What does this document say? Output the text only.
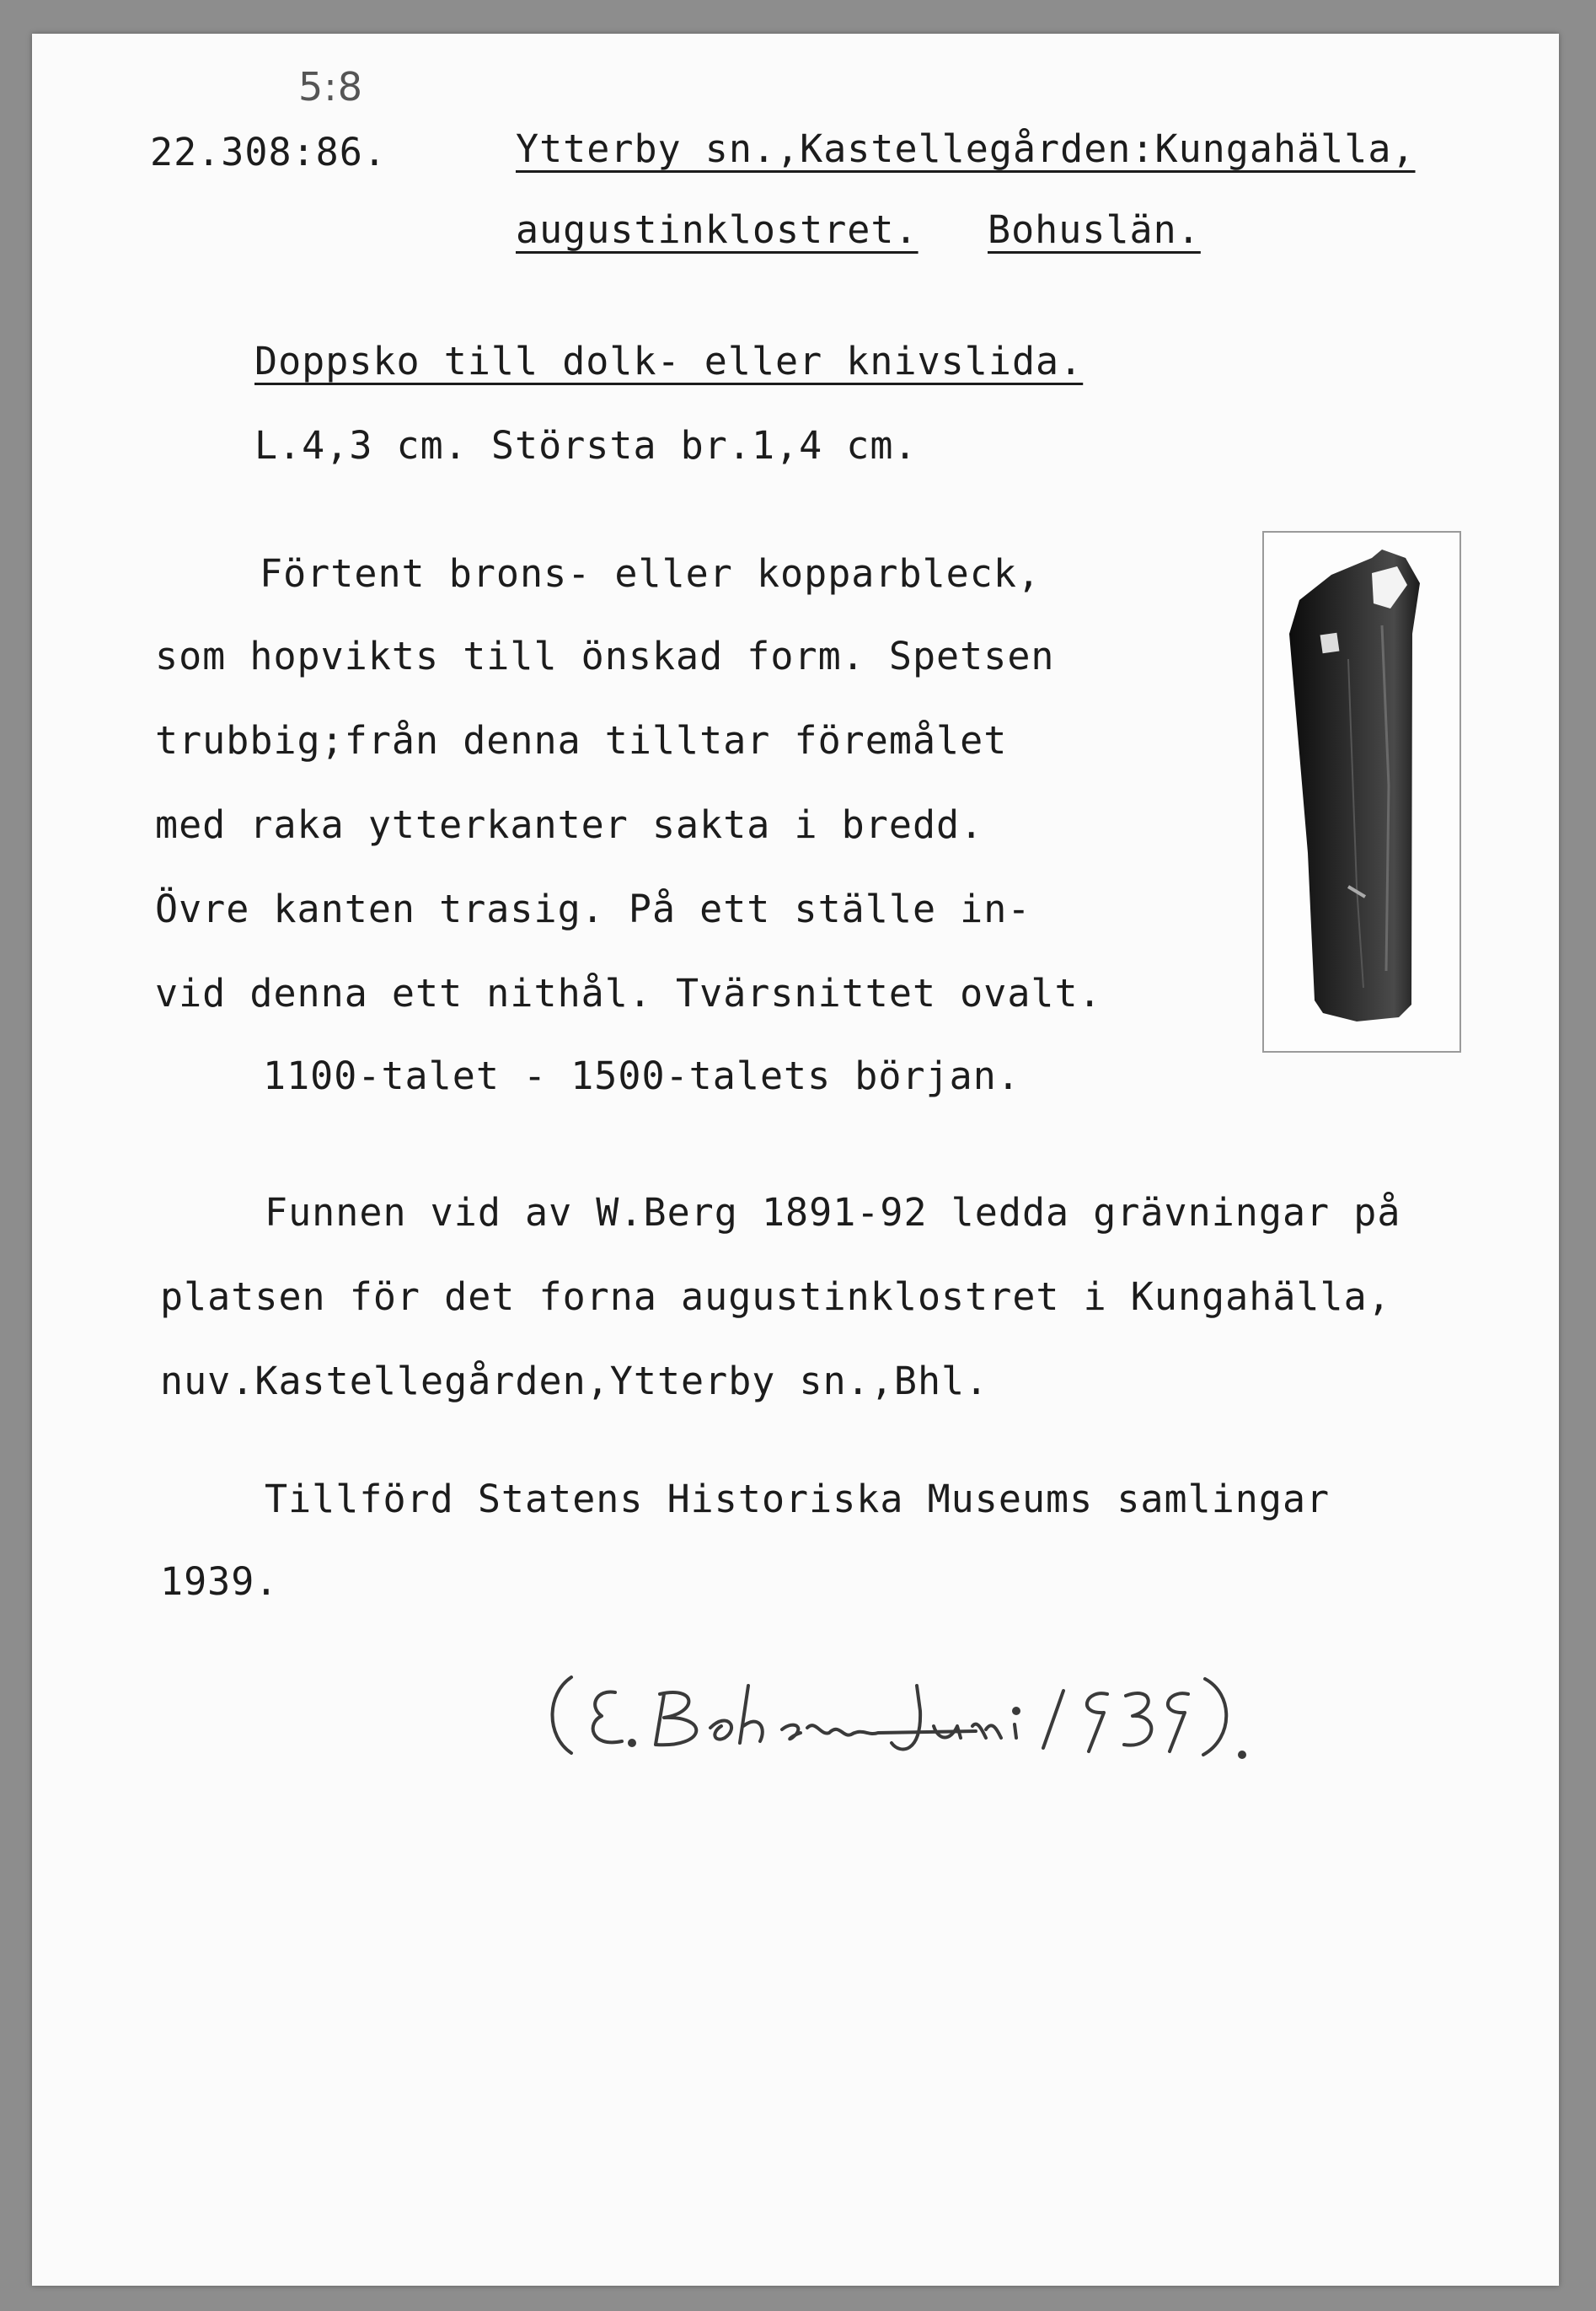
5:8
22.308:86.	Ytterby sn.,Kastellegården:Kungahälla,
augustinklostret. Bohuslän.
Doppsko till dolk- eller knivslida.
L.4,3 cm. Största br.1,4 cm.
Förtent brons- eller kopparbleck,
som hopvikts till önskad form. Spetsen
trubbig;från denna tilltar föremålet
med raka ytterkanter sakta i bredd.
Övre kanten trasig. På ett ställe in-
vid denna ett nithål. Tvärsnittet ovalt.
1100-talet - 1500-talets början.
Funnen vid av W.Berg 1891-92 ledda grävningar på
platsen för det forna augustinklostret i Kungahälla,
nuv.Kastellegården,Ytterby sn.,Bhl.
Tillförd Statens Historiska Museums samlingar
1939.
